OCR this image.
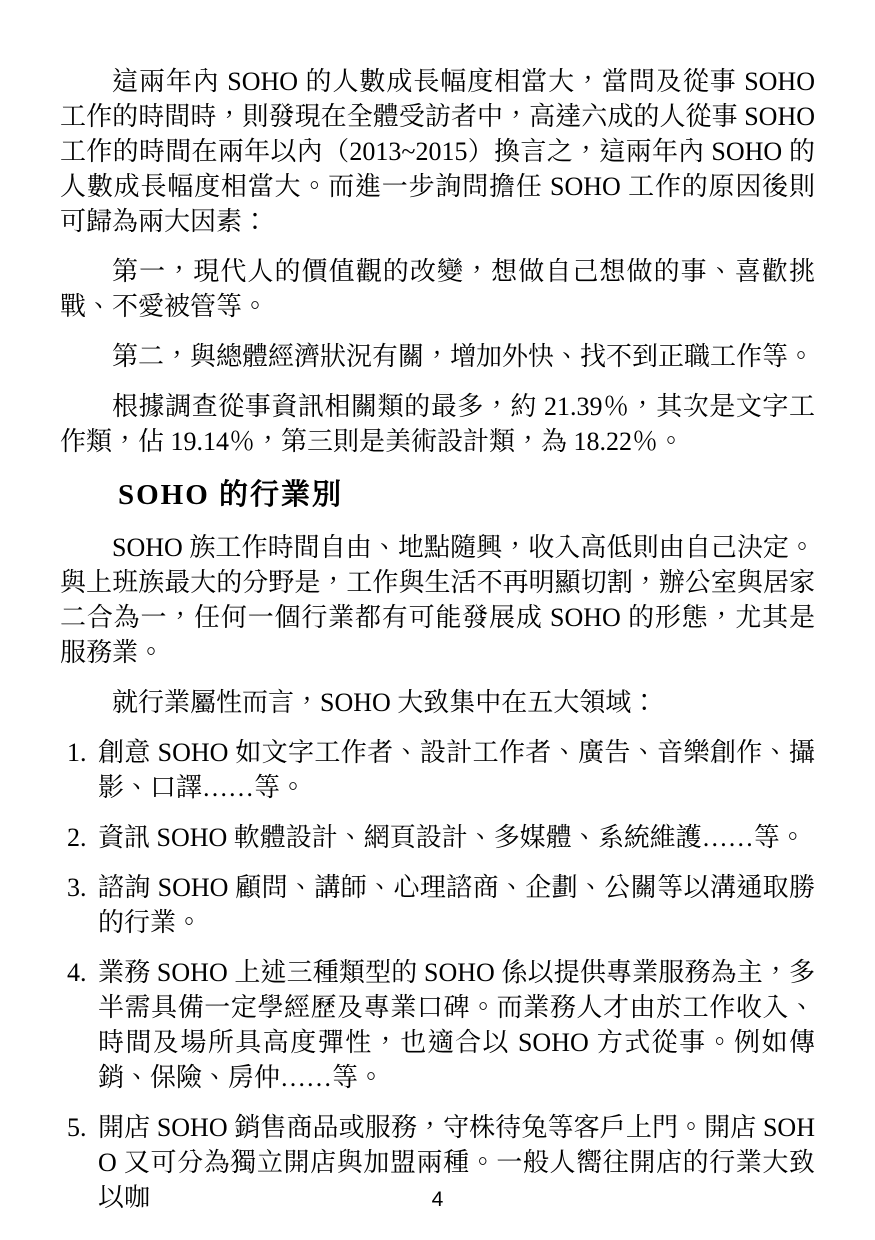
這兩年內 SOHO 的人數成長幅度相當大，當問及從事 SOHO 工作的時間時，則發現在全體受訪者中，高達六成的人從事 SOHO 工作的時間在兩年以內（2013~2015）換言之，這兩年內 SOHO 的人數成長幅度相當大。而進一步詢問擔任 SOHO 工作的原因後則可歸為兩大因素：

第一，現代人的價值觀的改變，想做自己想做的事、喜歡挑戰、不愛被管等。

第二，與總體經濟狀況有關，增加外快、找不到正職工作等。

根據調查從事資訊相關類的最多，約 21.39％，其次是文字工作類，佔 19.14％，第三則是美術設計類，為 18.22％。

SOHO 的行業別

SOHO 族工作時間自由、地點隨興，收入高低則由自己決定。與上班族最大的分野是，工作與生活不再明顯切割，辦公室與居家二合為一，任何一個行業都有可能發展成 SOHO 的形態，尤其是服務業。

就行業屬性而言，SOHO 大致集中在五大領域：

1. 創意 SOHO 如文字工作者、設計工作者、廣告、音樂創作、攝影、口譯……等。
2. 資訊 SOHO 軟體設計、網頁設計、多媒體、系統維護……等。
3. 諮詢 SOHO 顧問、講師、心理諮商、企劃、公關等以溝通取勝的行業。
4. 業務 SOHO 上述三種類型的 SOHO 係以提供專業服務為主，多半需具備一定學經歷及專業口碑。而業務人才由於工作收入、時間及場所具高度彈性，也適合以 SOHO 方式從事。例如傳銷、保險、房仲……等。
5. 開店 SOHO 銷售商品或服務，守株待兔等客戶上門。開店 SOHO 又可分為獨立開店與加盟兩種。一般人嚮往開店的行業大致以咖	4
